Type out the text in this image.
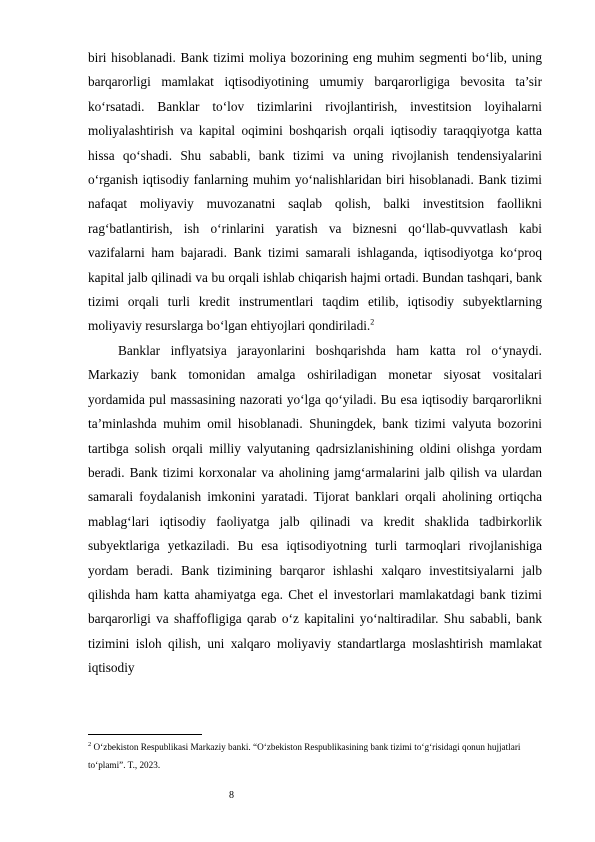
biri hisoblanadi. Bank tizimi moliya bozorining eng muhim segmenti bo‘lib, uning barqarorligi mamlakat iqtisodiyotining umumiy barqarorligiga bevosita ta’sir ko‘rsatadi. Banklar to‘lov tizimlarini rivojlantirish, investitsion loyihalarni moliyalashtirish va kapital oqimini boshqarish orqali iqtisodiy taraqqiyotga katta hissa qo‘shadi. Shu sababli, bank tizimi va uning rivojlanish tendensiyalarini o‘rganish iqtisodiy fanlarning muhim yo‘nalishlaridan biri hisoblanadi. Bank tizimi nafaqat moliyaviy muvozanatni saqlab qolish, balki investitsion faollikni rag‘batlantirish, ish o‘rinlarini yaratish va biznesni qo‘llab-quvvatlash kabi vazifalarni ham bajaradi. Bank tizimi samarali ishlaganda, iqtisodiyotga ko‘proq kapital jalb qilinadi va bu orqali ishlab chiqarish hajmi ortadi. Bundan tashqari, bank tizimi orqali turli kredit instrumentlari taqdim etilib, iqtisodiy subyektlarning moliyaviy resurslarga bo‘lgan ehtiyojlari qondiriladi.$^2$

Banklar inflyatsiya jarayonlarini boshqarishda ham katta rol o‘ynaydi. Markaziy bank tomonidan amalga oshiriladigan monetar siyosat vositalari yordamida pul massasining nazorati yo‘lga qo‘yiladi. Bu esa iqtisodiy barqarorlikni ta’minlashda muhim omil hisoblanadi. Shuningdek, bank tizimi valyuta bozorini tartibga solish orqali milliy valyutaning qadrsizlanishining oldini olishga yordam beradi. Bank tizimi korxonalar va aholining jamg‘armalarini jalb qilish va ulardan samarali foydalanish imkonini yaratadi. Tijorat banklari orqali aholining ortiqcha mablag‘lari iqtisodiy faoliyatga jalb qilinadi va kredit shaklida tadbirkorlik subyektlariga yetkaziladi. Bu esa iqtisodiyotning turli tarmoqlari rivojlanishiga yordam beradi. Bank tizimining barqaror ishlashi xalqaro investitsiyalarni jalb qilishda ham katta ahamiyatga ega. Chet el investorlari mamlakatdagi bank tizimi barqarorligi va shaffofligiga qarab o‘z kapitalini yo‘naltiradilar. Shu sababli, bank tizimini isloh qilish, uni xalqaro moliyaviy standartlarga moslashtirish mamlakat iqtisodiy

$^2$ O‘zbekiston Respublikasi Markaziy banki. “O‘zbekiston Respublikasining bank tizimi to‘g‘risidagi qonun hujjatlari to‘plami”. T., 2023.

8
